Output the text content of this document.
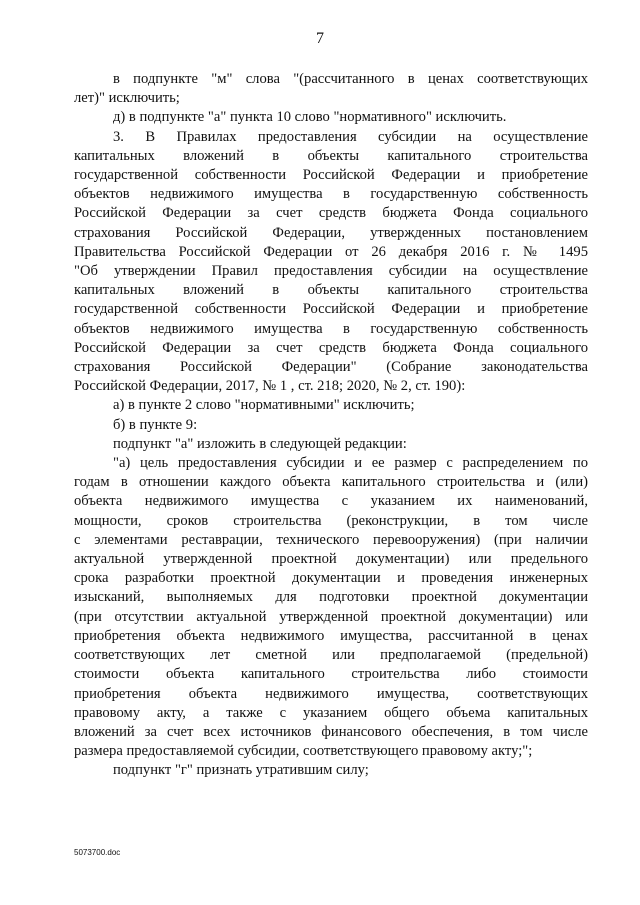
7
в подпункте "м" слова "(рассчитанного в ценах соответствующих
лет)" исключить;
д) в подпункте "а" пункта 10 слово "нормативного" исключить.
3. В Правилах предоставления субсидии на осуществление
капитальных вложений в объекты капитального строительства
государственной собственности Российской Федерации и приобретение
объектов недвижимого имущества в государственную собственность
Российской Федерации за счет средств бюджета Фонда социального
страхования Российской Федерации, утвержденных постановлением
Правительства Российской Федерации от 26 декабря 2016 г. № 1495
"Об утверждении Правил предоставления субсидии на осуществление
капитальных вложений в объекты капитального строительства
государственной собственности Российской Федерации и приобретение
объектов недвижимого имущества в государственную собственность
Российской Федерации за счет средств бюджета Фонда социального
страхования Российской Федерации" (Собрание законодательства
Российской Федерации, 2017, № 1 , ст. 218; 2020, № 2, ст. 190):
а) в пункте 2 слово "нормативными" исключить;
б) в пункте 9:
подпункт "а" изложить в следующей редакции:
"а) цель предоставления субсидии и ее размер с распределением по
годам в отношении каждого объекта капитального строительства и (или)
объекта недвижимого имущества с указанием их наименований,
мощности, сроков строительства (реконструкции, в том числе
с элементами реставрации, технического перевооружения) (при наличии
актуальной утвержденной проектной документации) или предельного
срока разработки проектной документации и проведения инженерных
изысканий, выполняемых для подготовки проектной документации
(при отсутствии актуальной утвержденной проектной документации) или
приобретения объекта недвижимого имущества, рассчитанной в ценах
соответствующих лет сметной или предполагаемой (предельной)
стоимости объекта капитального строительства либо стоимости
приобретения объекта недвижимого имущества, соответствующих
правовому акту, а также с указанием общего объема капитальных
вложений за счет всех источников финансового обеспечения, в том числе
размера предоставляемой субсидии, соответствующего правовому акту;";
подпункт "г" признать утратившим силу;
5073700.doc
